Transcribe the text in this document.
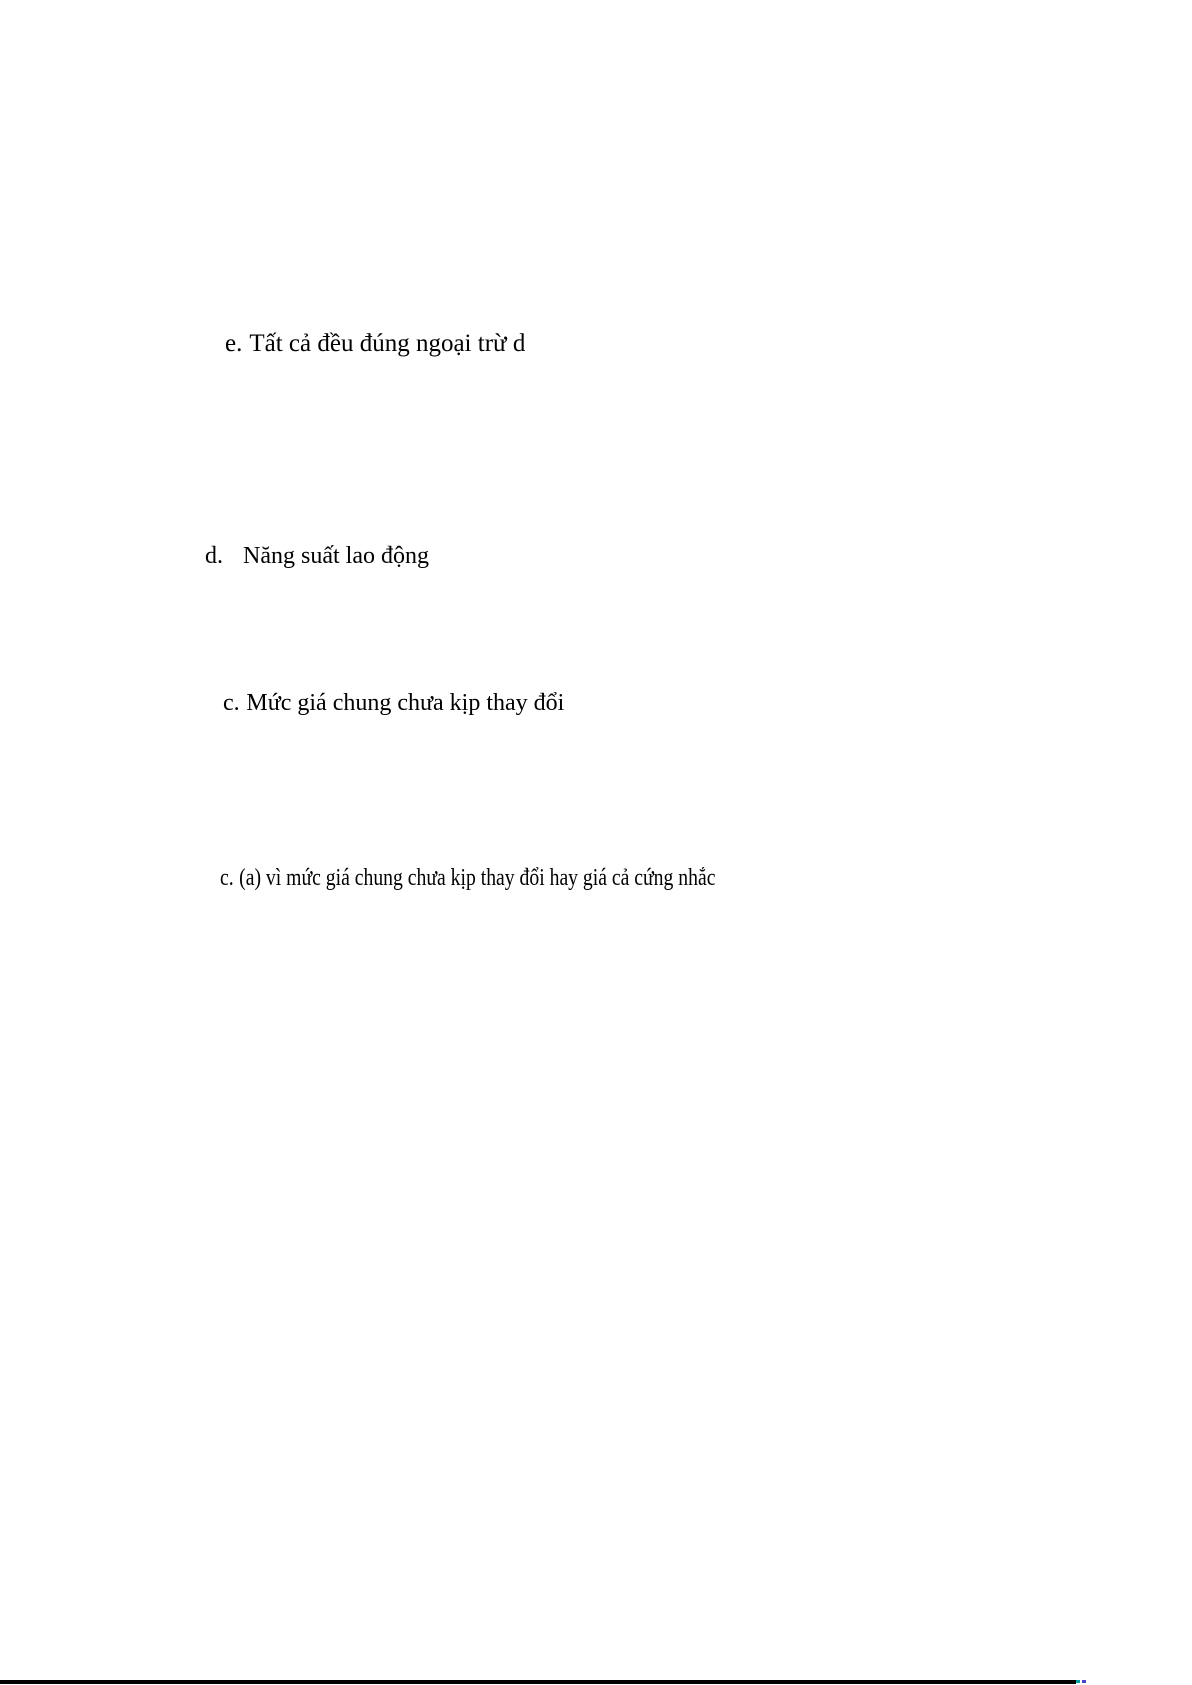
e. Tất cả đều đúng ngoại trừ d
d. Năng suất lao động
c. Mức giá chung chưa kịp thay đổi
c. (a) vì mức giá chung chưa kịp thay đổi hay giá cả cứng nhắc
